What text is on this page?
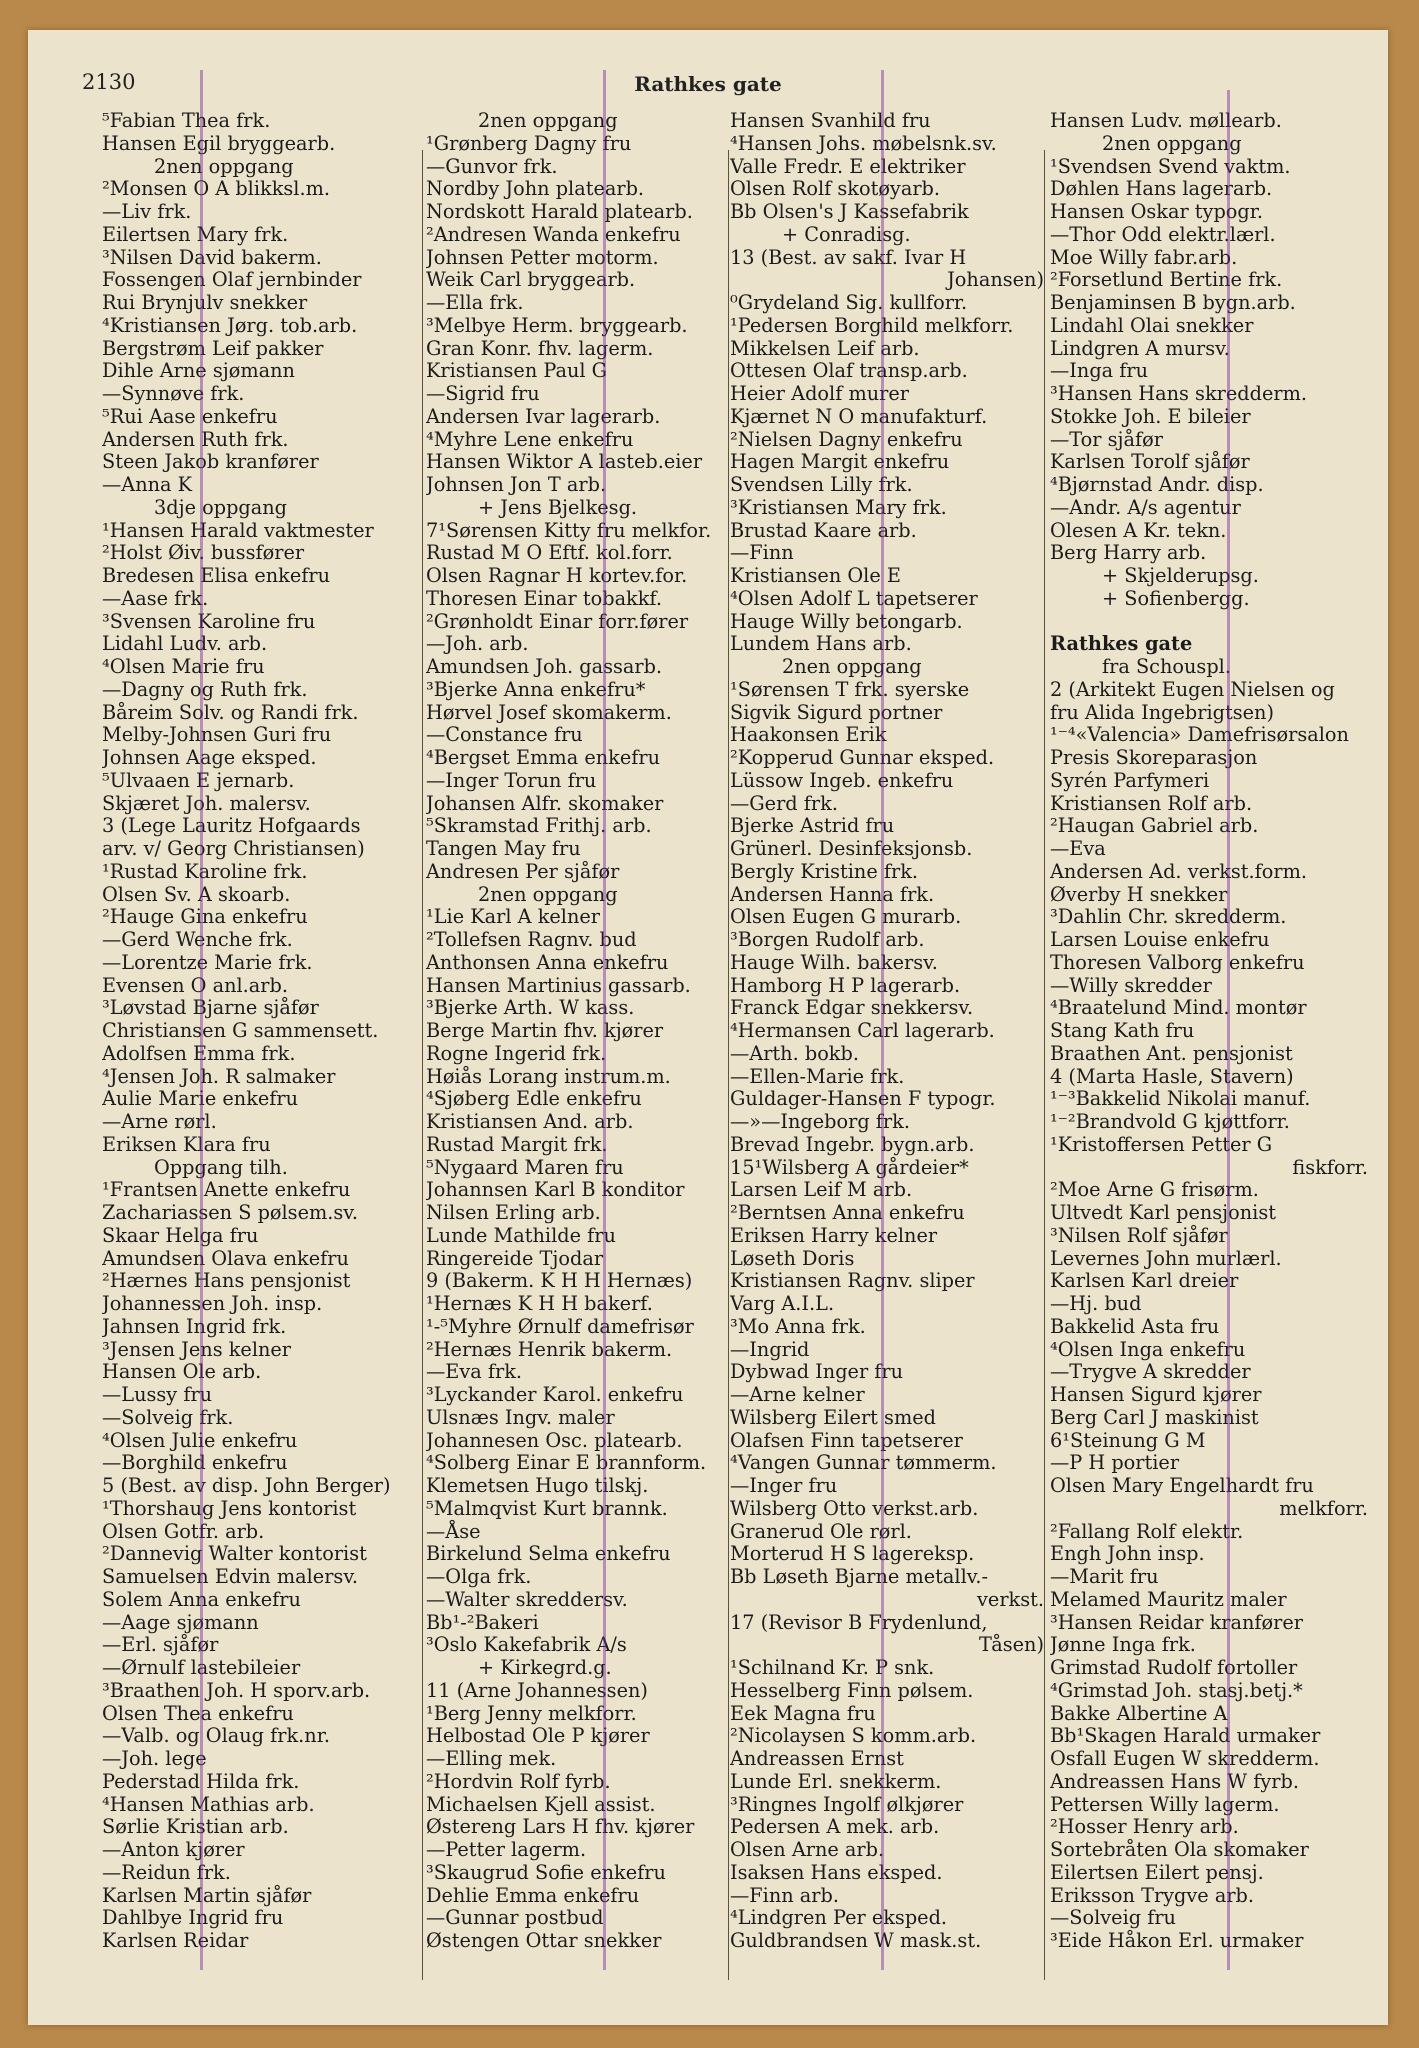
2130	Rathkes gate
⁵Fabian Thea frk.
Hansen Egil bryggearb.
2nen oppgang
²Monsen O A blikksl.m.
—Liv frk.
Eilertsen Mary frk.
³Nilsen David bakerm.
Fossengen Olaf jernbinder
Rui Brynjulv snekker
⁴Kristiansen Jørg. tob.arb.
Bergstrøm Leif pakker
Dihle Arne sjømann
—Synnøve frk.
⁵Rui Aase enkefru
Andersen Ruth frk.
Steen Jakob kranfører
—Anna K
3dje oppgang
¹Hansen Harald vaktmester
²Holst Øiv. bussfører
Bredesen Elisa enkefru
—Aase frk.
³Svensen Karoline fru
Lidahl Ludv. arb.
⁴Olsen Marie fru
—Dagny og Ruth frk.
Båreim Solv. og Randi frk.
Melby-Johnsen Guri fru
Johnsen Aage eksped.
⁵Ulvaaen E jernarb.
Skjæret Joh. malersv.
3 (Lege Lauritz Hofgaards
arv. v/ Georg Christiansen)
¹Rustad Karoline frk.
Olsen Sv. A skoarb.
²Hauge Gina enkefru
—Gerd Wenche frk.
—Lorentze Marie frk.
Evensen O anl.arb.
³Løvstad Bjarne sjåfør
Christiansen G sammensett.
Adolfsen Emma frk.
⁴Jensen Joh. R salmaker
Aulie Marie enkefru
—Arne rørl.
Eriksen Klara fru
Oppgang tilh.
¹Frantsen Anette enkefru
Zachariassen S pølsem.sv.
Skaar Helga fru
Amundsen Olava enkefru
²Hærnes Hans pensjonist
Johannessen Joh. insp.
Jahnsen Ingrid frk.
³Jensen Jens kelner
Hansen Ole arb.
—Lussy fru
—Solveig frk.
⁴Olsen Julie enkefru
—Borghild enkefru
5 (Best. av disp. John Berger)
¹Thorshaug Jens kontorist
Olsen Gotfr. arb.
²Dannevig Walter kontorist
Samuelsen Edvin malersv.
Solem Anna enkefru
—Aage sjømann
—Erl. sjåfør
—Ørnulf lastebileier
³Braathen Joh. H sporv.arb.
Olsen Thea enkefru
—Valb. og Olaug frk.nr.
—Joh. lege
Pederstad Hilda frk.
⁴Hansen Mathias arb.
Sørlie Kristian arb.
—Anton kjører
—Reidun frk.
Karlsen Martin sjåfør
Dahlbye Ingrid fru
Karlsen Reidar
2nen oppgang
¹Grønberg Dagny fru
—Gunvor frk.
Nordby John platearb.
Nordskott Harald platearb.
²Andresen Wanda enkefru
Johnsen Petter motorm.
Weik Carl bryggearb.
—Ella frk.
³Melbye Herm. bryggearb.
Gran Konr. fhv. lagerm.
Kristiansen Paul G
—Sigrid fru
Andersen Ivar lagerarb.
⁴Myhre Lene enkefru
Hansen Wiktor A lasteb.eier
Johnsen Jon T arb.
+ Jens Bjelkesg.
7¹Sørensen Kitty fru melkfor.
Rustad M O Eftf. kol.forr.
Olsen Ragnar H kortev.for.
Thoresen Einar tobakkf.
²Grønholdt Einar forr.fører
—Joh. arb.
Amundsen Joh. gassarb.
³Bjerke Anna enkefru*
Hørvel Josef skomakerm.
—Constance fru
⁴Bergset Emma enkefru
—Inger Torun fru
Johansen Alfr. skomaker
⁵Skramstad Frithj. arb.
Tangen May fru
Andresen Per sjåfør
2nen oppgang
¹Lie Karl A kelner
²Tollefsen Ragnv. bud
Anthonsen Anna enkefru
Hansen Martinius gassarb.
³Bjerke Arth. W kass.
Berge Martin fhv. kjører
Rogne Ingerid frk.
Høiås Lorang instrum.m.
⁴Sjøberg Edle enkefru
Kristiansen And. arb.
Rustad Margit frk.
⁵Nygaard Maren fru
Johannsen Karl B konditor
Nilsen Erling arb.
Lunde Mathilde fru
Ringereide Tjodar
9 (Bakerm. K H H Hernæs)
¹Hernæs K H H bakerf.
¹-⁵Myhre Ørnulf damefrisør
²Hernæs Henrik bakerm.
—Eva frk.
³Lyckander Karol. enkefru
Ulsnæs Ingv. maler
Johannesen Osc. platearb.
⁴Solberg Einar E brannform.
Klemetsen Hugo tilskj.
⁵Malmqvist Kurt brannk.
—Åse
Birkelund Selma enkefru
—Olga frk.
—Walter skreddersv.
Bb¹-²Bakeri
³Oslo Kakefabrik A/s
+ Kirkegrd.g.
11 (Arne Johannessen)
¹Berg Jenny melkforr.
Helbostad Ole P kjører
—Elling mek.
²Hordvin Rolf fyrb.
Michaelsen Kjell assist.
Østereng Lars H fhv. kjører
—Petter lagerm.
³Skaugrud Sofie enkefru
Dehlie Emma enkefru
—Gunnar postbud
Østengen Ottar snekker
Hansen Svanhild fru
⁴Hansen Johs. møbelsnk.sv.
Valle Fredr. E elektriker
Olsen Rolf skotøyarb.
Bb Olsen's J Kassefabrik
+ Conradisg.
13 (Best. av sakf. Ivar H
Johansen)
⁰Grydeland Sig. kullforr.
¹Pedersen Borghild melkforr.
Mikkelsen Leif arb.
Ottesen Olaf transp.arb.
Heier Adolf murer
Kjærnet N O manufakturf.
²Nielsen Dagny enkefru
Hagen Margit enkefru
Svendsen Lilly frk.
³Kristiansen Mary frk.
Brustad Kaare arb.
—Finn
Kristiansen Ole E
⁴Olsen Adolf L tapetserer
Hauge Willy betongarb.
Lundem Hans arb.
2nen oppgang
¹Sørensen T frk. syerske
Sigvik Sigurd portner
Haakonsen Erik
²Kopperud Gunnar eksped.
Lüssow Ingeb. enkefru
—Gerd frk.
Bjerke Astrid fru
Grünerl. Desinfeksjonsb.
Bergly Kristine frk.
Andersen Hanna frk.
Olsen Eugen G murarb.
³Borgen Rudolf arb.
Hauge Wilh. bakersv.
Hamborg H P lagerarb.
Franck Edgar snekkersv.
⁴Hermansen Carl lagerarb.
—Arth. bokb.
—Ellen-Marie frk.
Guldager-Hansen F typogr.
—»—Ingeborg frk.
Brevad Ingebr. bygn.arb.
15¹Wilsberg A gårdeier*
Larsen Leif M arb.
²Berntsen Anna enkefru
Eriksen Harry kelner
Løseth Doris
Kristiansen Ragnv. sliper
Varg A.I.L.
³Mo Anna frk.
—Ingrid
Dybwad Inger fru
—Arne kelner
Wilsberg Eilert smed
Olafsen Finn tapetserer
⁴Vangen Gunnar tømmerm.
—Inger fru
Wilsberg Otto verkst.arb.
Granerud Ole rørl.
Morterud H S lagereksp.
Bb Løseth Bjarne metallv.-
verkst.
17 (Revisor B Frydenlund,
Tåsen)
¹Schilnand Kr. P snk.
Hesselberg Finn pølsem.
Eek Magna fru
²Nicolaysen S komm.arb.
Andreassen Ernst
Lunde Erl. snekkerm.
³Ringnes Ingolf ølkjører
Pedersen A mek. arb.
Olsen Arne arb.
Isaksen Hans eksped.
—Finn arb.
⁴Lindgren Per ekspеd.
Guldbrandsen W mask.st.
Hansen Ludv. møllearb.
2nen oppgang
¹Svendsen Svend vaktm.
Døhlen Hans lagerarb.
Hansen Oskar typogr.
—Thor Odd elektr.lærl.
Moe Willy fabr.arb.
²Forsetlund Bertine frk.
Benjaminsen B bygn.arb.
Lindahl Olai snekker
Lindgren A mursv.
—Inga fru
³Hansen Hans skredderm.
Stokke Joh. E bileier
—Tor sjåfør
Karlsen Torolf sjåfør
⁴Bjørnstad Andr. disp.
—Andr. A/s agentur
Olesen A Kr. tekn.
Berg Harry arb.
+ Skjelderupsg.
+ Sofienbergg.
Rathkes gate
fra Schouspl.
2 (Arkitekt Eugen Nielsen og
fru Alida Ingebrigtsen)
¹⁻⁴«Valencia» Damefrisørsalon
Presis Skoreparasjon
Syrén Parfymeri
Kristiansen Rolf arb.
²Haugan Gabriel arb.
—Eva
Andersen Ad. verkst.form.
Øverby H snekker
³Dahlin Chr. skredderm.
Larsen Louise enkefru
Thoresen Valborg enkefru
—Willy skredder
⁴Braatelund Mind. montør
Stang Kath fru
Braathen Ant. pensjonist
4 (Marta Hasle, Stavern)
¹⁻³Bakkelid Nikolai manuf.
¹⁻²Brandvold G kjøttforr.
¹Kristoffersen Petter G
fiskforr.
²Moe Arne G frisørm.
Ultvedt Karl pensjonist
³Nilsen Rolf sjåfør
Levernes John murlærl.
Karlsen Karl dreier
—Hj. bud
Bakkelid Asta fru
⁴Olsen Inga enkefru
—Trygve A skredder
Hansen Sigurd kjører
Berg Carl J maskinist
6¹Steinung G M
—P H portier
Olsen Mary Engelhardt fru
melkforr.
²Fallang Rolf elektr.
Engh John insp.
—Marit fru
Melamed Mauritz maler
³Hansen Reidar kranfører
Jønne Inga frk.
Grimstad Rudolf fortoller
⁴Grimstad Joh. stasj.betj.*
Bakke Albertine A
Bb¹Skagen Harald urmaker
Osfall Eugen W skredderm.
Andreassen Hans W fyrb.
Pettersen Willy lagerm.
²Hosser Henry arb.
Sortebråten Ola skomaker
Eilertsen Eilert pensj.
Eriksson Trygve arb.
—Solveig fru
³Eide Håkon Erl. urmaker
